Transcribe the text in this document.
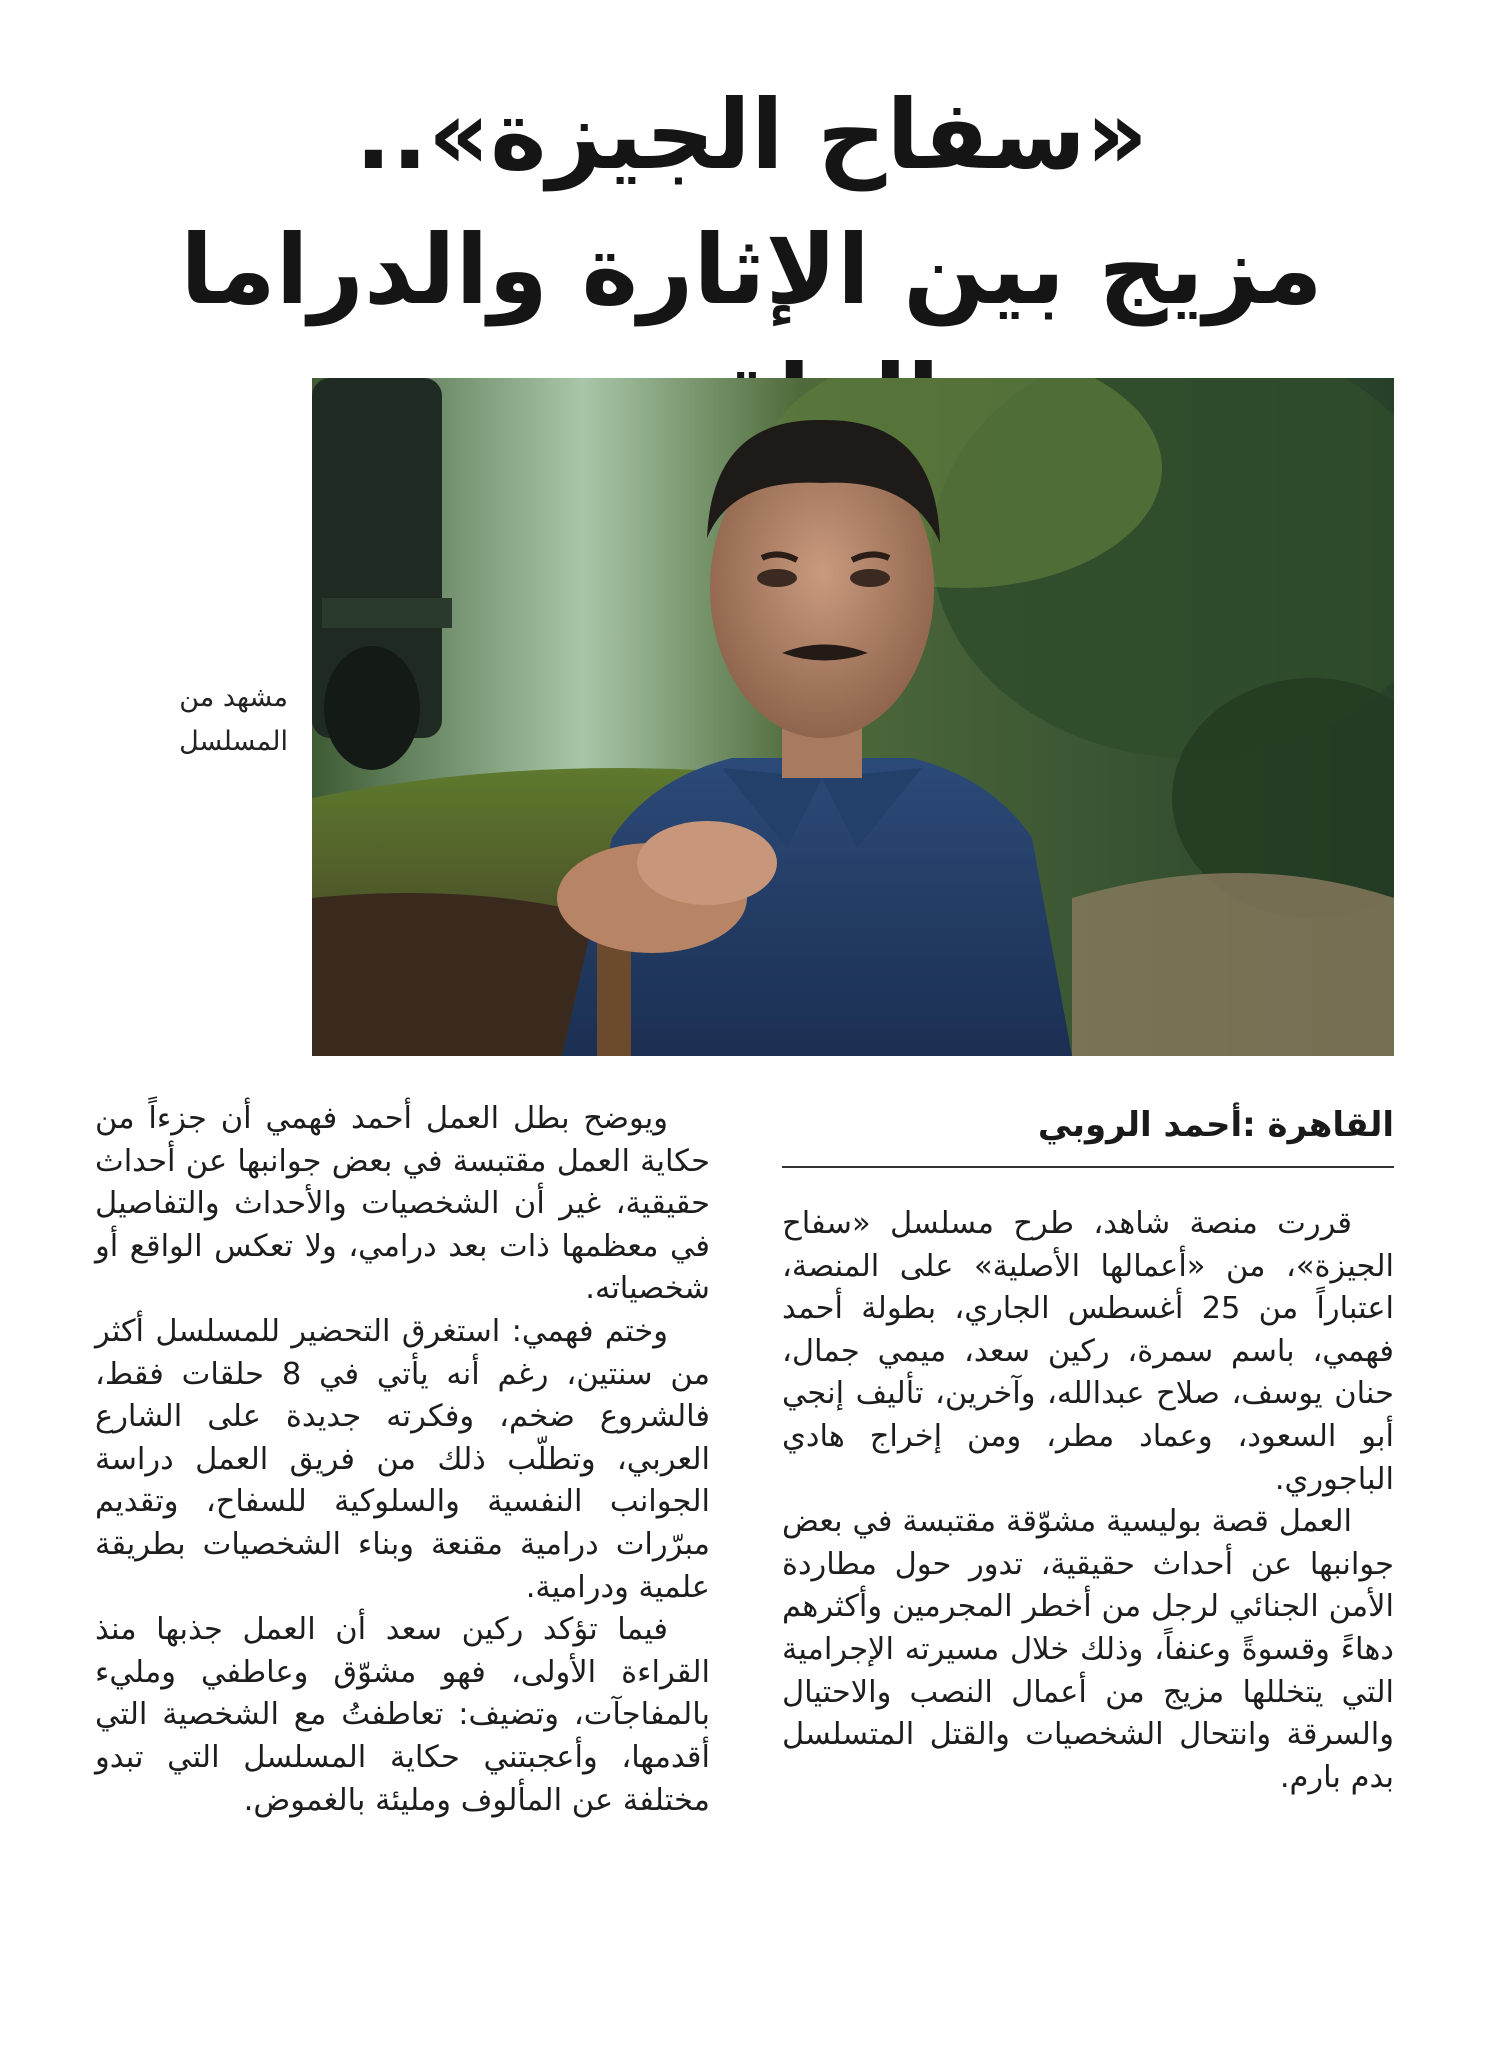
«سفاح الجيزة»..
مزيج بين الإثارة والدراما
مشهد من المسلسل
القاهرة :أحمد الروبي

قررت منصة شاهد، طرح مسلسل «سفاح الجيزة»، من «أعمالها الأصلية» على المنصة، اعتباراً من 25 أغسطس الجاري، بطولة أحمد فهمي، باسم سمرة، ركين سعد، ميمي جمال، حنان يوسف، صلاح عبدالله، وآخرين، تأليف إنجي أبو السعود، وعماد مطر، ومن إخراج هادي الباجوري.

العمل قصة بوليسية مشوّقة مقتبسة في بعض جوانبها عن أحداث حقيقية، تدور حول مطاردة الأمن الجنائي لرجل من أخطر المجرمين وأكثرهم دهاءً وقسوةً وعنفاً، وذلك خلال مسيرته الإجرامية التي يتخللها مزيج من أعمال النصب والاحتيال والسرقة وانتحال الشخصيات والقتل المتسلسل بدم بارم.

ويوضح بطل العمل أحمد فهمي أن جزءاً من حكاية العمل مقتبسة في بعض جوانبها عن أحداث حقيقية، غير أن الشخصيات والأحداث والتفاصيل في معظمها ذات بعد درامي، ولا تعكس الواقع أو شخصياته.

وختم فهمي: استغرق التحضير للمسلسل أكثر من سنتين، رغم أنه يأتي في 8 حلقات فقط، فالشروع ضخم، وفكرته جديدة على الشارع العربي، وتطلّب ذلك من فريق العمل دراسة الجوانب النفسية والسلوكية للسفاح، وتقديم مبرّرات درامية مقنعة وبناء الشخصيات بطريقة علمية ودرامية.

فيما تؤكد ركين سعد أن العمل جذبها منذ القراءة الأولى، فهو مشوّق وعاطفي ومليء بالمفاجآت، وتضيف: تعاطفتُ مع الشخصية التي أقدمها، وأعجبتني حكاية المسلسل التي تبدو مختلفة عن المألوف ومليئة بالغموض.
